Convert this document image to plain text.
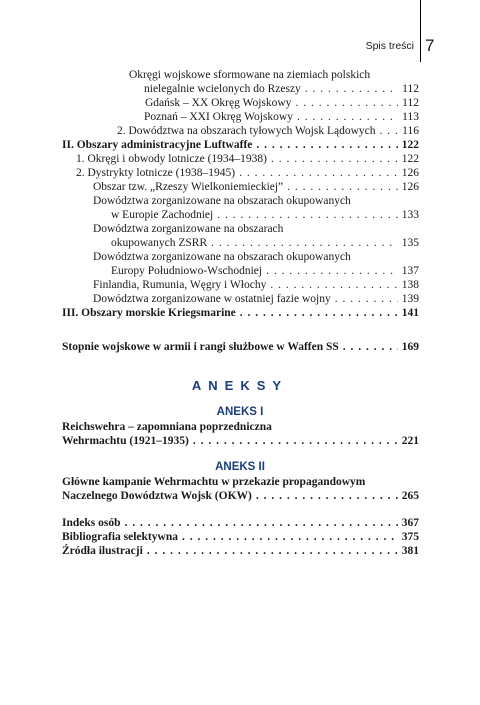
Spis treści 7
Okręgi wojskowe sformowane na ziemiach polskich
nielegalnie wcielonych do Rzeszy . . .	112
Gdańsk – XX Okręg Wojskowy . . .	112
Poznań – XXI Okręg Wojskowy . . .	113
2. Dowództwa na obszarach tyłowych Wojsk Lądowych . . . 116
II. Obszary administracyjne Luftwaffe . . .	122
1. Okręgi i obwody lotnicze (1934–1938) . . .	122
2. Dystrykty lotnicze (1938–1945) . . .	126
Obszar tzw. „Rzeszy Wielkoniemieckiej” . . .	126
Dowództwa zorganizowane na obszarach okupowanych
w Europie Zachodniej . . .	133
Dowództwa zorganizowane na obszarach
okupowanych ZSRR . . .	135
Dowództwa zorganizowane na obszarach okupowanych
Europy Południowo-Wschodniej . . .	137
Finlandia, Rumunia, Węgry i Włochy . . .	138
Dowództwa zorganizowane w ostatniej fazie wojny . . .	139
III. Obszary morskie Kriegsmarine . . .	141
Stopnie wojskowe w armii i rangi służbowe w Waffen SS . . .	169
ANEKSY
ANEKS I
Reichswehra – zapomniana poprzedniczna
Wehrmachtu (1921–1935) . . .	221
ANEKS II
Główne kampanie Wehrmachtu w przekazie propagandowym
Naczelnego Dowództwa Wojsk (OKW) . . .	265
Indeks osób . . .	367
Bibliografia selektywna . . .	375
Źródła ilustracji . . .	381
